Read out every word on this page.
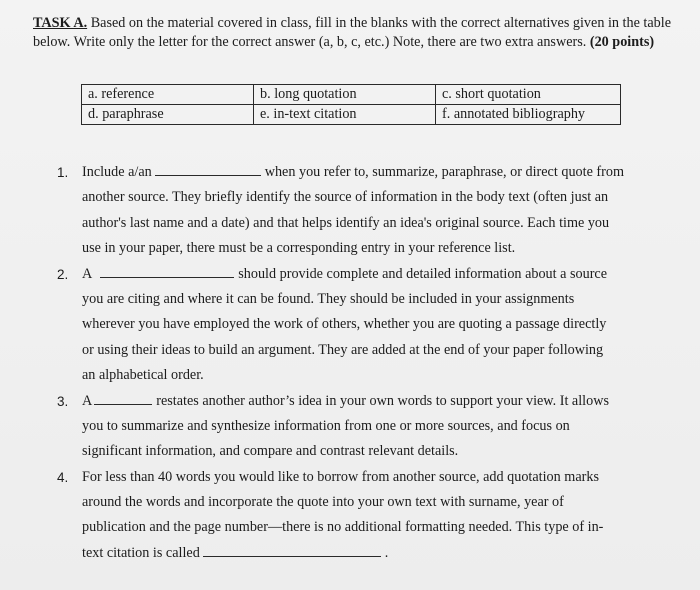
TASK A. Based on the material covered in class, fill in the blanks with the correct alternatives given in the table below. Write only the letter for the correct answer (a, b, c, etc.) Note, there are two extra answers. (20 points)
a. reference	b. long quotation	c. short quotation
d. paraphrase	e. in-text citation	f. annotated bibliography
1. Include a/an	when you refer to, summarize, paraphrase, or direct quote from
another source. They briefly identify the source of information in the body text (often just an
author's last name and a date) and that helps identify an idea's original source. Each time you
use in your paper, there must be a corresponding entry in your reference list.
2. A	should provide complete and detailed information about a source
you are citing and where it can be found. They should be included in your assignments
wherever you have employed the work of others, whether you are quoting a passage directly
or using their ideas to build an argument. They are added at the end of your paper following
an alphabetical order.
3. A	restates another author’s idea in your own words to support your view. It allows
you to summarize and synthesize information from one or more sources, and focus on
significant information, and compare and contrast relevant details.
4. For less than 40 words you would like to borrow from another source, add quotation marks
around the words and incorporate the quote into your own text with surname, year of
publication and the page number—there is no additional formatting needed. This type of in-
text citation is called	.
